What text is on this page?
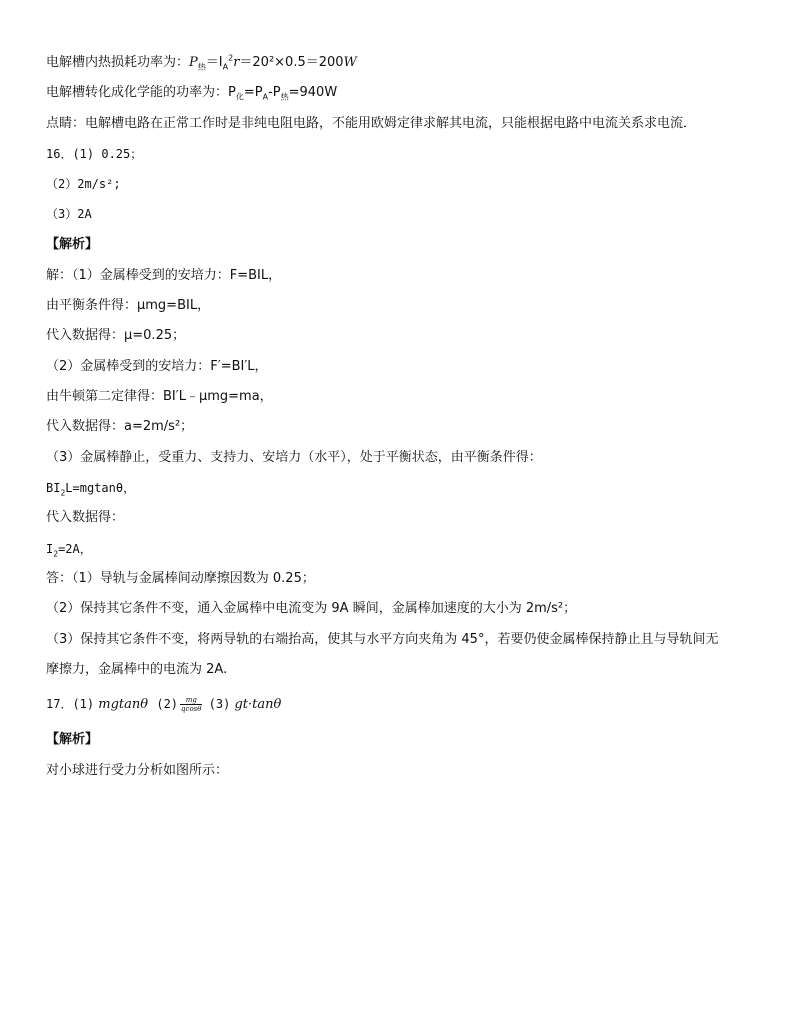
电解槽内热损耗功率为：$P_热=I_A^2r=20^2\times 0.5=200W$
电解槽转化成化学能的功率为：$P_化=P_A-P_热=940W$
点睛：电解槽电路在正常工作时是非纯电阻电路，不能用欧姆定律求解其电流，只能根据电路中电流关系求电流．
16．(1) 0.25；
（2）2m/s²;
（3）2A
【解析】
解：（1）金属棒受到的安培力：F=BIL，
由平衡条件得：μmg=BIL，
代入数据得：μ=0.25；
（2）金属棒受到的安培力：F′=BI′L，
由牛顿第二定律得：BI′L﹣μmg=ma，
代入数据得：a=2m/s²；
（3）金属棒静止，受重力、支持力、安培力（水平），处于平衡状态，由平衡条件得：
$BI_2L=mgtan\theta$，
代入数据得：
$I_2=2A$，
答：（1）导轨与金属棒间动摩擦因数为 0.25；
（2）保持其它条件不变，通入金属棒中电流变为 9A 瞬间，金属棒加速度的大小为 2m/s²；
（3）保持其它条件不变，将两导轨的右端抬高，使其与水平方向夹角为 45°，若要仍使金属棒保持静止且与导轨间无
摩擦力，金属棒中的电流为 2A.
17．(1) mgtanθ $(2) \frac{mg}{qcos\theta} (3)$ gt·tanθ
【解析】
对小球进行受力分析如图所示：
